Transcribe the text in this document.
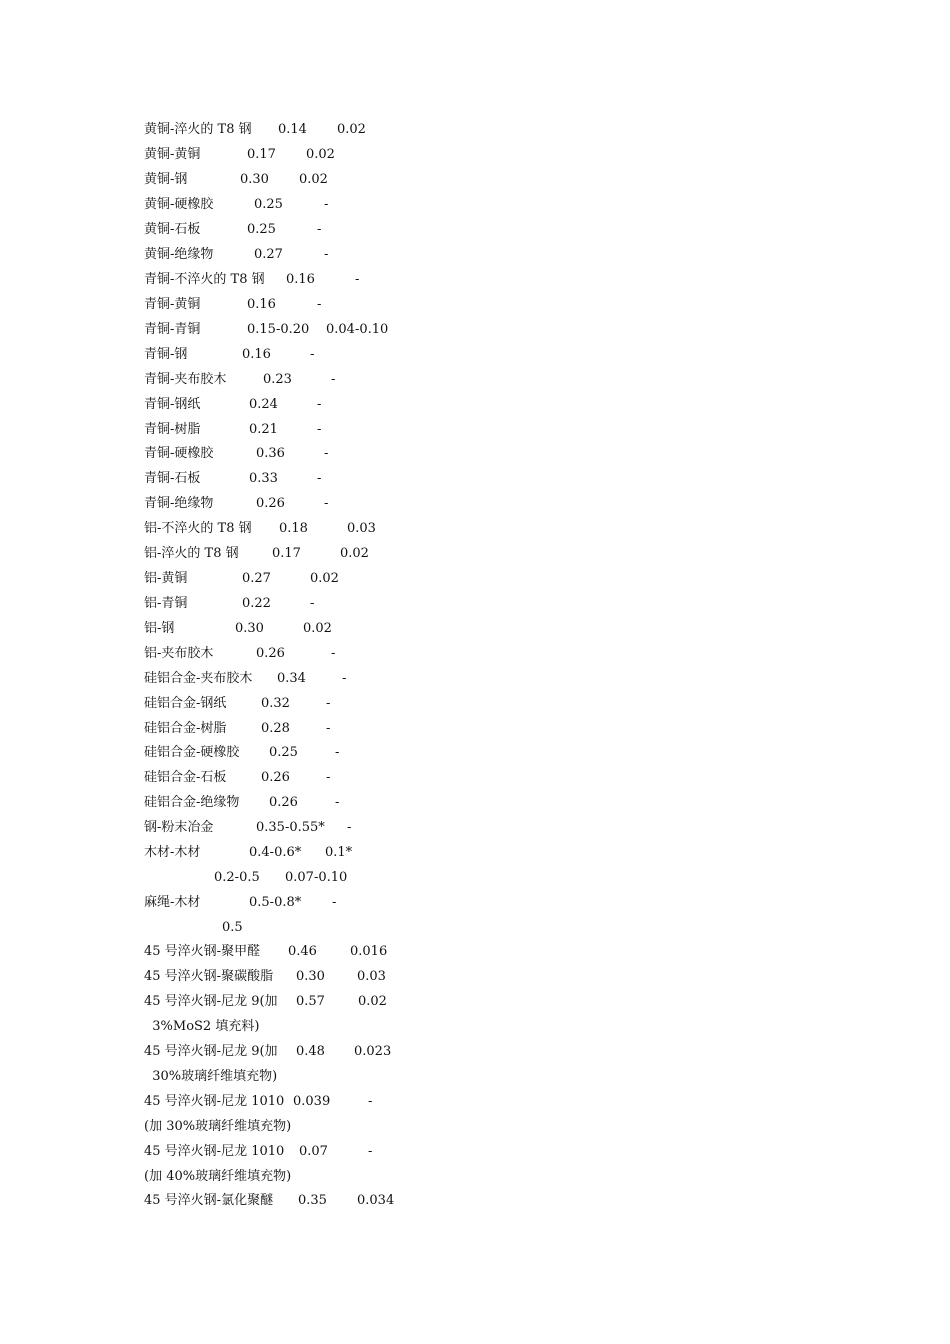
黄铜-淬火的 T8 钢 0.14 0.02
黄铜-黄铜	0.17 0.02
黄铜-钢	0.30 0.02
黄铜-硬橡胶	0.25	-
黄铜-石板	0.25	-
黄铜-绝缘物	0.27	-
青铜-不淬火的 T8 钢 0.16	-
青铜-黄铜	0.16	-
青铜-青铜	0.15-0.20 0.04-0.10
青铜-钢	0.16	-
青铜-夹布胶木	0.23	-
青铜-钢纸	0.24	-
青铜-树脂	0.21	-
青铜-硬橡胶	0.36	-
青铜-石板	0.33	-
青铜-绝缘物	0.26	-
铝-不淬火的 T8 钢 0.18	0.03
铝-淬火的 T8 钢	0.17	0.02
铝-黄铜	0.27	0.02
铝-青铜	0.22	-
铝-钢	0.30	0.02
铝-夹布胶木	0.26	-
硅铝合金-夹布胶木 0.34	-
硅铝合金-钢纸	0.32	-
硅铝合金-树脂	0.28	-
硅铝合金-硬橡胶 0.25	-
硅铝合金-石板	0.26	-
硅铝合金-绝缘物 0.26	-
钢-粉末冶金	0.35-0.55* -
木材-木材	0.4-0.6* 0.1*
0.2-0.5 0.07-0.10
麻绳-木材	0.5-0.8* -
0.5
45 号淬火钢-聚甲醛 0.46	0.016
45 号淬火钢-聚碳酸脂 0.30 0.03
45 号淬火钢-尼龙 9(加 0.57	0.02
3%MoS2 填充料)
45 号淬火钢-尼龙 9(加 0.48 0.023
30%玻璃纤维填充物)
45 号淬火钢-尼龙 1010 0.039	-
(加 30%玻璃纤维填充物)
45 号淬火钢-尼龙 1010 0.07	-
(加 40%玻璃纤维填充物)
45 号淬火钢-氯化聚醚 0.35 0.034
